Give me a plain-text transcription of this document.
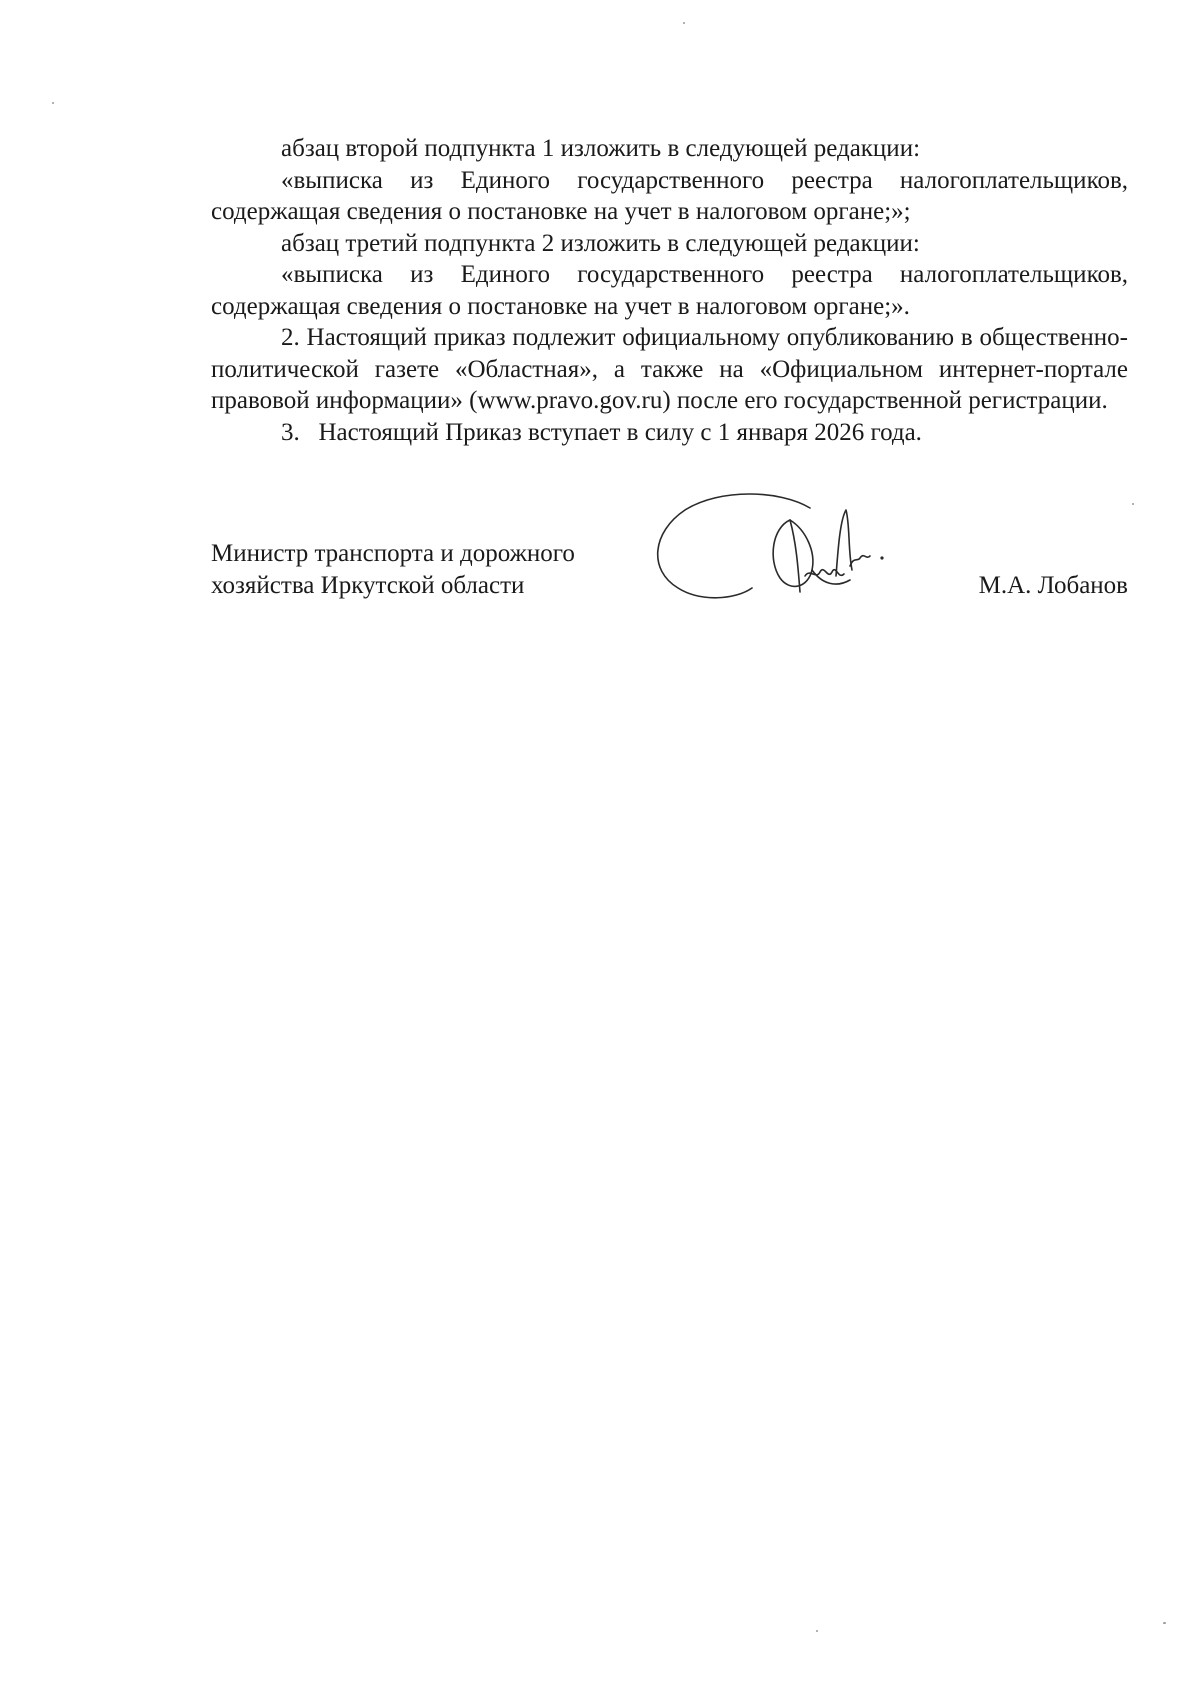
абзац второй подпункта 1 изложить в следующей редакции:

«выписка из Единого государственного реестра налогоплательщиков, содержащая сведения о постановке на учет в налоговом органе;»;

абзац третий подпункта 2 изложить в следующей редакции:

«выписка из Единого государственного реестра налогоплательщиков, содержащая сведения о постановке на учет в налоговом органе;».

2. Настоящий приказ подлежит официальному опубликованию в общественно-политической газете «Областная», а также на «Официальном интернет-портале правовой информации» (www.pravo.gov.ru) после его государственной регистрации.

3.   Настоящий Приказ вступает в силу с 1 января 2026 года.

Министр транспорта и дорожного
хозяйства Иркутской области	М.А. Лобанов
